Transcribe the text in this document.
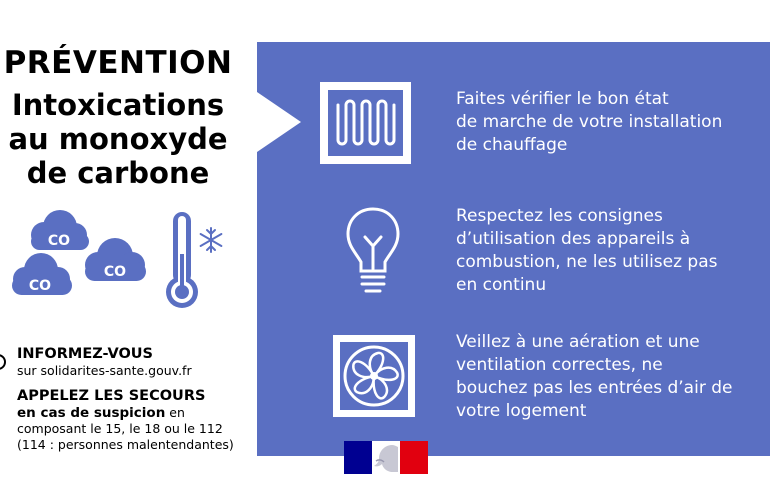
PRÉVENTION
Intoxications
au monoxyde
de carbone
CO
CO
CO
INFORMEZ-VOUS
sur solidarites-sante.gouv.fr
APPELEZ LES SECOURS
en cas de suspicion en
composant le 15, le 18 ou le 112
(114 : personnes malentendantes)
Faites vérifier le bon état
de marche de votre installation
de chauffage
Respectez les consignes
d’utilisation des appareils à
combustion, ne les utilisez pas
en continu
Veillez à une aération et une
ventilation correctes, ne
bouchez pas les entrées d’air de
votre logement
